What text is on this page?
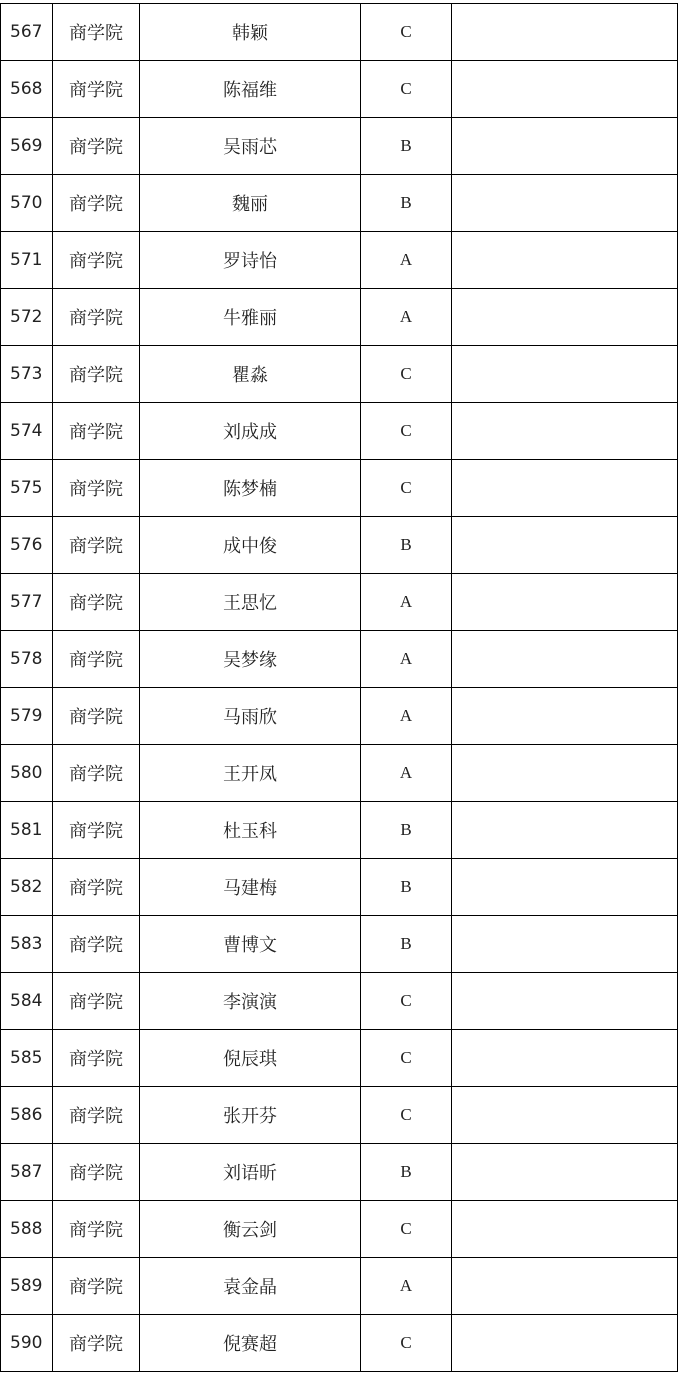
567	商学院	韩颖	C	
568	商学院	陈福维	C	
569	商学院	吴雨芯	B	
570	商学院	魏丽	B	
571	商学院	罗诗怡	A	
572	商学院	牛雅丽	A	
573	商学院	瞿淼	C	
574	商学院	刘成成	C	
575	商学院	陈梦楠	C	
576	商学院	成中俊	B	
577	商学院	王思忆	A	
578	商学院	吴梦缘	A	
579	商学院	马雨欣	A	
580	商学院	王开凤	A	
581	商学院	杜玉科	B	
582	商学院	马建梅	B	
583	商学院	曹博文	B	
584	商学院	李演演	C	
585	商学院	倪辰琪	C	
586	商学院	张开芬	C	
587	商学院	刘语昕	B	
588	商学院	衡云剑	C	
589	商学院	袁金晶	A	
590	商学院	倪赛超	C	
